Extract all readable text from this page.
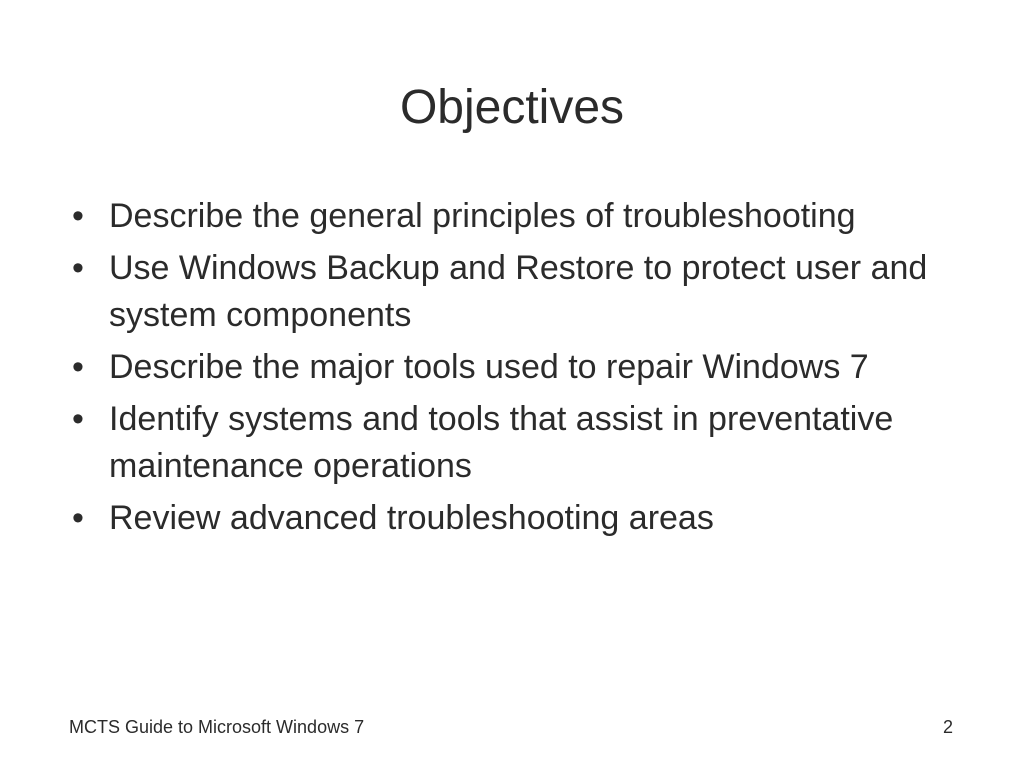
Objectives
• Describe the general principles of troubleshooting
• Use Windows Backup and Restore to protect user and system components
• Describe the major tools used to repair Windows 7
• Identify systems and tools that assist in preventative maintenance operations
• Review advanced troubleshooting areas
MCTS Guide to Microsoft Windows 7	2
